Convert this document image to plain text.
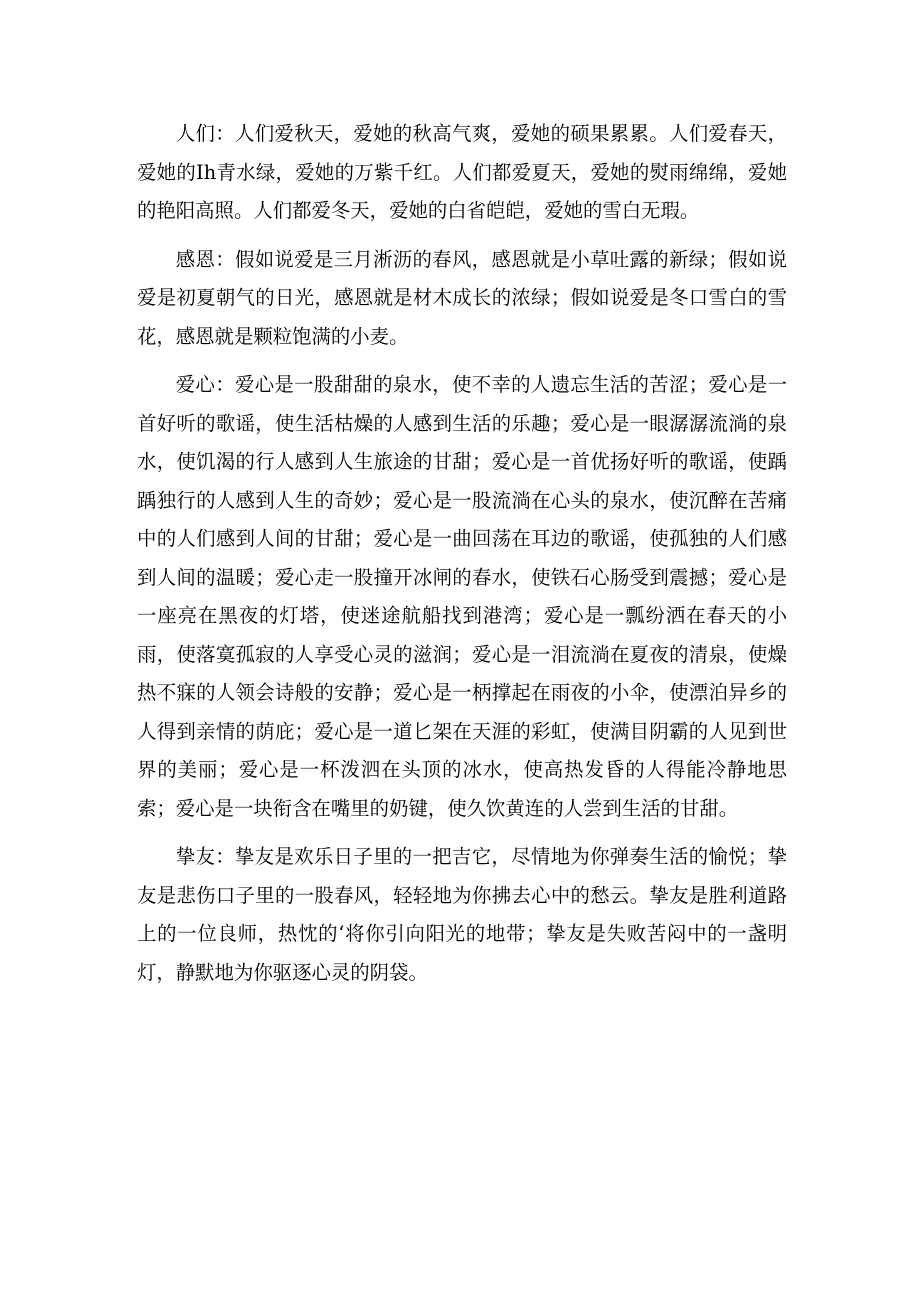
人们：人们爱秋天，爱她的秋高气爽，爱她的硕果累累。人们爱春天，爱她的Ih青水绿，爱她的万紫千红。人们都爱夏天，爱她的熨雨绵绵，爱她的艳阳高照。人们都爱冬天，爱她的白省皑皑，爱她的雪白无瑕。

感恩：假如说爱是三月淅沥的春风，感恩就是小草吐露的新绿；假如说爱是初夏朝气的日光，感恩就是材木成长的浓绿；假如说爱是冬口雪白的雪花，感恩就是颗粒饱满的小麦。

爱心：爱心是一股甜甜的泉水，使不幸的人遗忘生活的苦涩；爱心是一首好听的歌谣，使生活枯燥的人感到生活的乐趣；爱心是一眼潺潺流淌的泉水，使饥渴的行人感到人生旅途的甘甜；爱心是一首优扬好听的歌谣，使踽踽独行的人感到人生的奇妙；爱心是一股流淌在心头的泉水，使沉醉在苦痛中的人们感到人间的甘甜；爱心是一曲回荡在耳边的歌谣，使孤独的人们感到人间的温暖；爱心走一股撞开冰闸的春水，使铁石心肠受到震撼；爱心是一座亮在黑夜的灯塔，使迷途航船找到港湾；爱心是一瓢纷洒在春天的小雨，使落寞孤寂的人享受心灵的滋润；爱心是一泪流淌在夏夜的清泉，使燥热不寐的人领会诗般的安静；爱心是一柄撑起在雨夜的小伞，使漂泊异乡的人得到亲情的荫庇；爱心是一道匕架在天涯的彩虹，使满目阴霸的人见到世界的美丽；爱心是一杯泼泗在头顶的冰水，使高热发昏的人得能冷静地思索；爱心是一块衔含在嘴里的奶键，使久饮黄连的人尝到生活的甘甜。

挚友：挚友是欢乐日子里的一把吉它，尽情地为你弹奏生活的愉悦；挚友是悲伤口子里的一股春风，轻轻地为你拂去心中的愁云。挚友是胜利道路上的一位良师，热忱的‘将你引向阳光的地带；挚友是失败苦闷中的一盏明灯，静默地为你驱逐心灵的阴袋。
